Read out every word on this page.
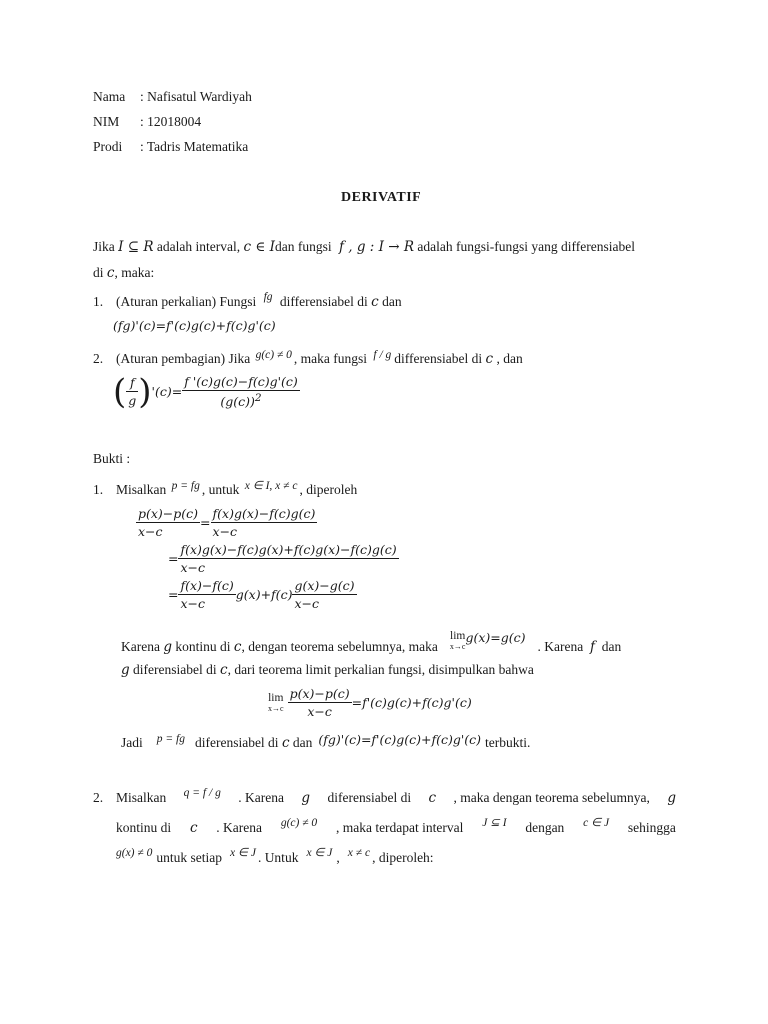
Nama : Nafisatul Wardiyah
NIM : 12018004
Prodi : Tadris Matematika
DERIVATIF
Jika I ⊆ R adalah interval, c ∈ Idan fungsi f , g : I → R adalah fungsi-fungsi yang differensiabel
di c, maka:
1. (Aturan perkalian) Fungsi fg differensiabel di c dan
(fg)'(c)=f'(c)g(c)+f(c)g'(c)
2. (Aturan pembagian) Jika g(c) ≠ 0 , maka fungsi f / g differensiabel di c , dan
( $\frac{f}{g}$ ) '$(c)= \frac{f '(c)g(c)-f(c)g'(c)}{(g(c))^2}$
Bukti :
1. Misalkan p = fg , untuk x ∈ I, x ≠ c , diperoleh
$\frac{p(x)-p(c)}{x-c} = \frac{f(x)g(x)-f(c)g(c)}{x-c}$
= $\frac{f(x)g(x)-f(c)g(x)+f(c)g(x)-f(c)g(c)}{x-c}$
= $\frac{f(x)-f(c)}{x-c} g(x)+f(c) \frac{g(x)-g(c)}{x-c}$
Karena
g
kontinu di
c , dengan teorema sebelumnya, maka
lim
x→c
g(x)=g(c)
. Karena
f
dan
g diferensiabel di c, dari teorema limit perkalian fungsi, disimpulkan bahwa
lim
$x\to c \frac{p(x)-p(c)}{x-c} =f'(c)g(c)+f(c)g'(c)$
Jadi p = fg diferensiabel di
c
dan (fg)'(c)=f'(c)g(c)+f(c)g'(c) terbukti.
2. Misalkan q = f / g . Karena g diferensiabel di c , maka dengan teorema sebelumnya, g
kontinu di c . Karena g(c) ≠ 0 , maka terdapat interval J ⊆ I dengan c ∈ J sehingga
g(x) ≠ 0 untuk setiap x ∈ J . Untuk x ∈ J , x ≠ c , diperoleh:
